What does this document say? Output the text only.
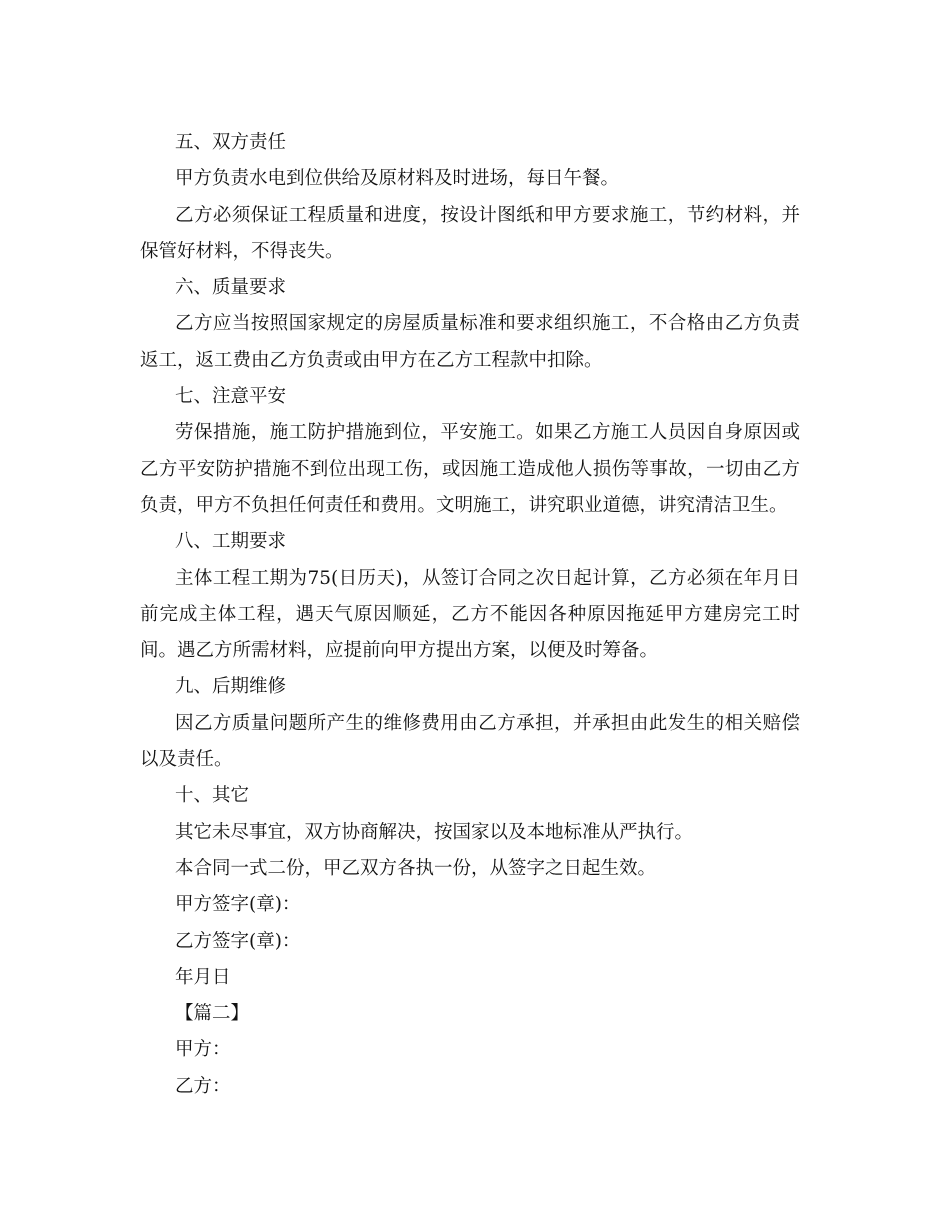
五、双方责任

甲方负责水电到位供给及原材料及时进场，每日午餐。

乙方必须保证工程质量和进度，按设计图纸和甲方要求施工，节约材料，并保管好材料，不得丧失。

六、质量要求

乙方应当按照国家规定的房屋质量标准和要求组织施工，不合格由乙方负责返工，返工费由乙方负责或由甲方在乙方工程款中扣除。

七、注意平安

劳保措施，施工防护措施到位，平安施工。如果乙方施工人员因自身原因或乙方平安防护措施不到位出现工伤，或因施工造成他人损伤等事故，一切由乙方负责，甲方不负担任何责任和费用。文明施工，讲究职业道德，讲究清洁卫生。

八、工期要求

主体工程工期为75(日历天)，从签订合同之次日起计算，乙方必须在年月日前完成主体工程，遇天气原因顺延，乙方不能因各种原因拖延甲方建房完工时间。遇乙方所需材料，应提前向甲方提出方案，以便及时筹备。

九、后期维修

因乙方质量问题所产生的维修费用由乙方承担，并承担由此发生的相关赔偿以及责任。

十、其它

其它未尽事宜，双方协商解决，按国家以及本地标准从严执行。

本合同一式二份，甲乙双方各执一份，从签字之日起生效。

甲方签字(章)：

乙方签字(章)：

年月日

【篇二】

甲方：

乙方：
